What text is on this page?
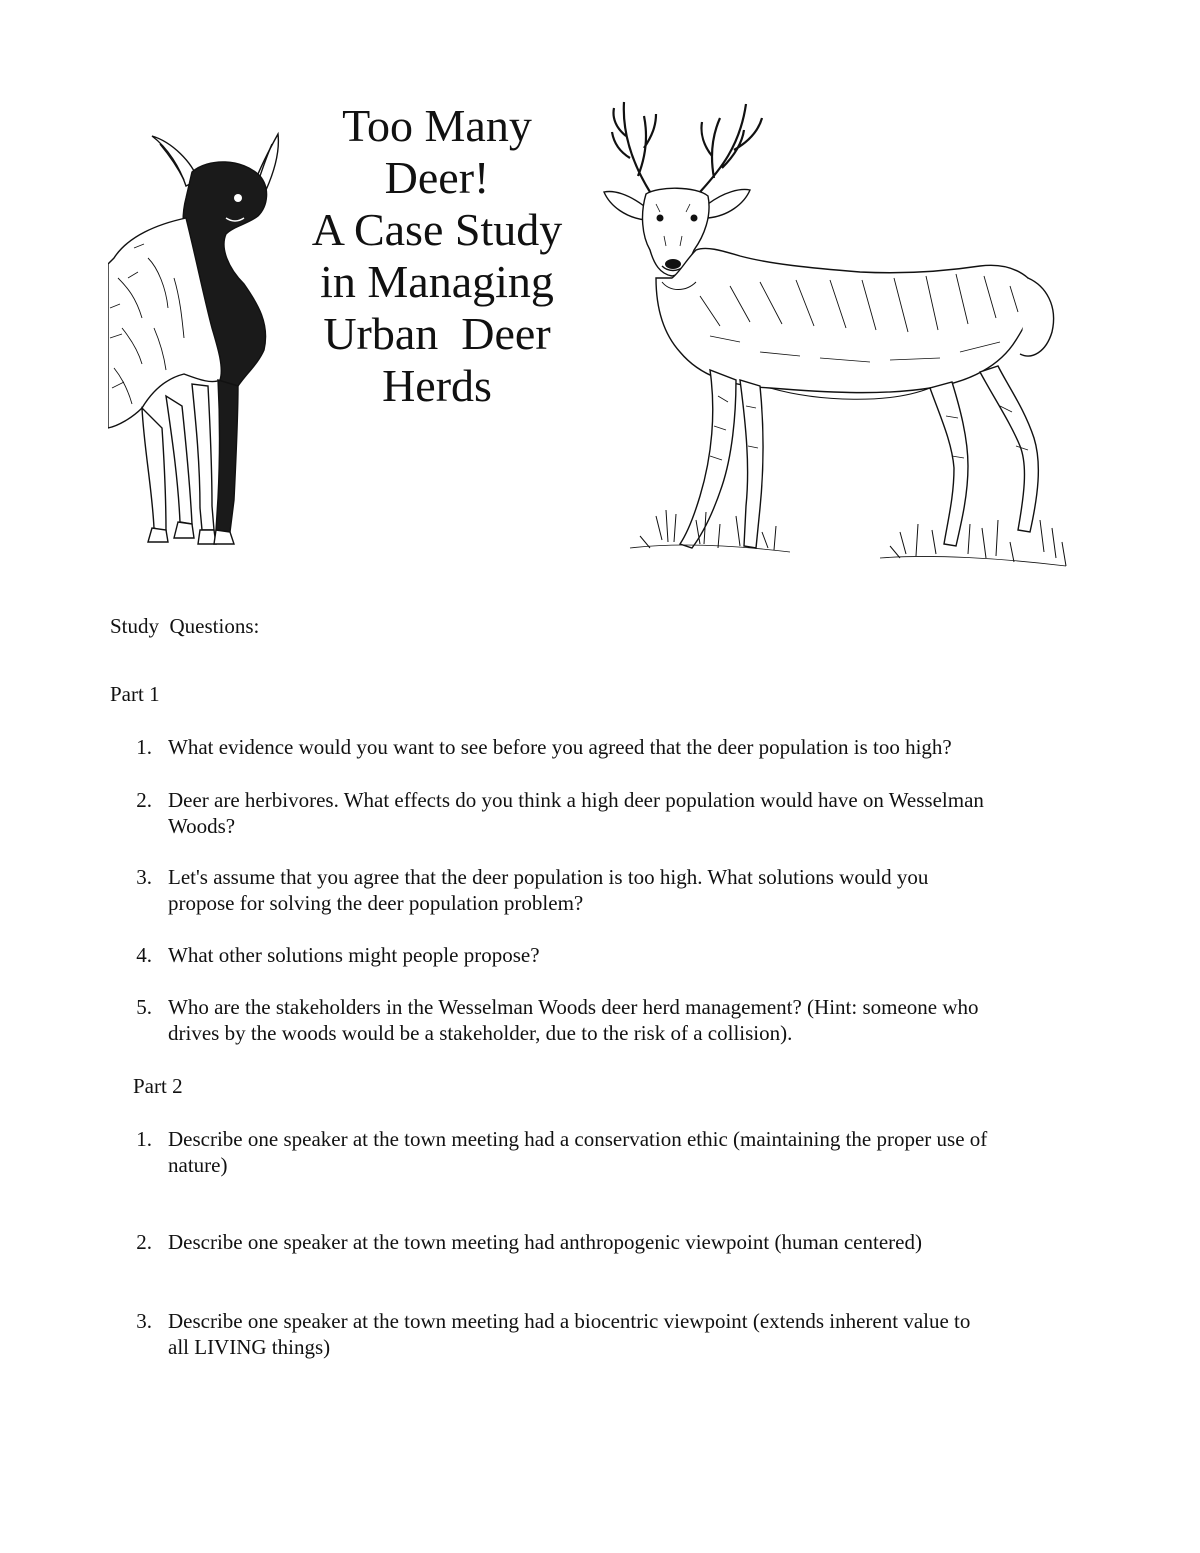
Too Many
Deer!
A Case Study
in Managing
Urban  Deer
Herds
Study  Questions:
Part 1
1. What evidence would you want to see before you agreed that the deer population is too high?
2. Deer are herbivores. What effects do you think a high deer population would have on Wesselman
Woods?
3. Let's assume that you agree that the deer population is too high. What solutions would you
propose for solving the deer population problem?
4. What other solutions might people propose?
5. Who are the stakeholders in the Wesselman Woods deer herd management? (Hint: someone who
drives by the woods would be a stakeholder, due to the risk of a collision).
Part 2
1. Describe one speaker at the town meeting had a conservation ethic (maintaining the proper use of
nature)
2. Describe one speaker at the town meeting had anthropogenic viewpoint (human centered)
3. Describe one speaker at the town meeting had a biocentric viewpoint (extends inherent value to
all LIVING things)
